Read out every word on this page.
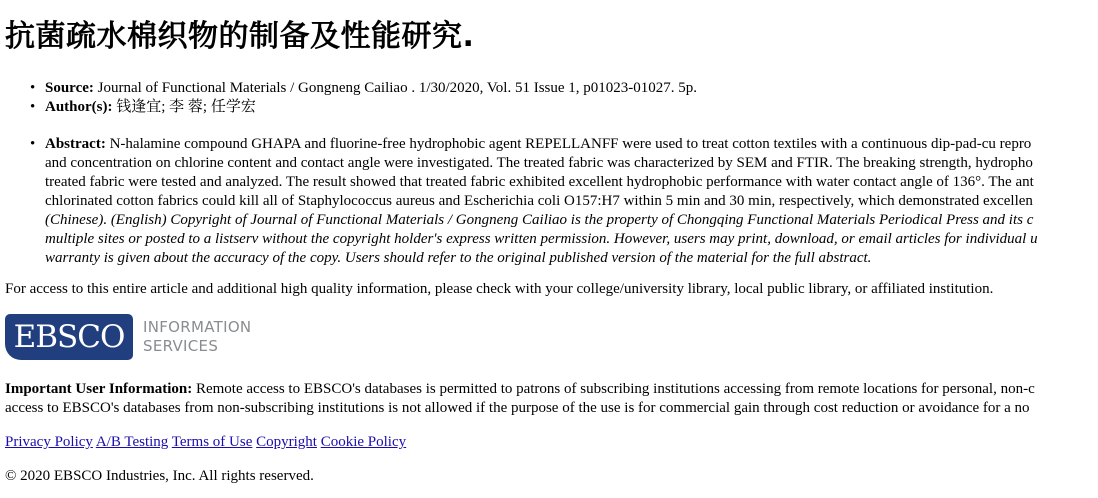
抗菌疏水棉织物的制备及性能研究.
• Source: Journal of Functional Materials / Gongneng Cailiao . 1/30/2020, Vol. 51 Issue 1, p01023-01027. 5p.
• Author(s): 钱逢宜; 李 蓉; 任学宏
• Abstract: N-halamine compound GHAPA and fluorine-free hydrophobic agent REPELLANFF were used to treat cotton textiles with a continuous dip-pad-cu repro
and concentration on chlorine content and contact angle were investigated. The treated fabric was characterized by SEM and FTIR. The breaking strength, hydropho
treated fabric were tested and analyzed. The result showed that treated fabric exhibited excellent hydrophobic performance with water contact angle of 136°. The ant
chlorinated cotton fabrics could kill all of Staphylococcus aureus and Escherichia coli O157:H7 within 5 min and 30 min, respectively, which demonstrated excellen
(Chinese). (English) Copyright of Journal of Functional Materials / Gongneng Cailiao is the property of Chongqing Functional Materials Periodical Press and its c
multiple sites or posted to a listserv without the copyright holder's express written permission. However, users may print, download, or email articles for individual u
warranty is given about the accuracy of the copy. Users should refer to the original published version of the material for the full abstract.
For access to this entire article and additional high quality information, please check with your college/university library, local public library, or affiliated institution.
EBSCO	INFORMATION
SERVICES
Important User Information: Remote access to EBSCO's databases is permitted to patrons of subscribing institutions accessing from remote locations for personal, non-c
access to EBSCO's databases from non-subscribing institutions is not allowed if the purpose of the use is for commercial gain through cost reduction or avoidance for a no
Privacy Policy A/B Testing Terms of Use Copyright Cookie Policy
© 2020 EBSCO Industries, Inc. All rights reserved.
